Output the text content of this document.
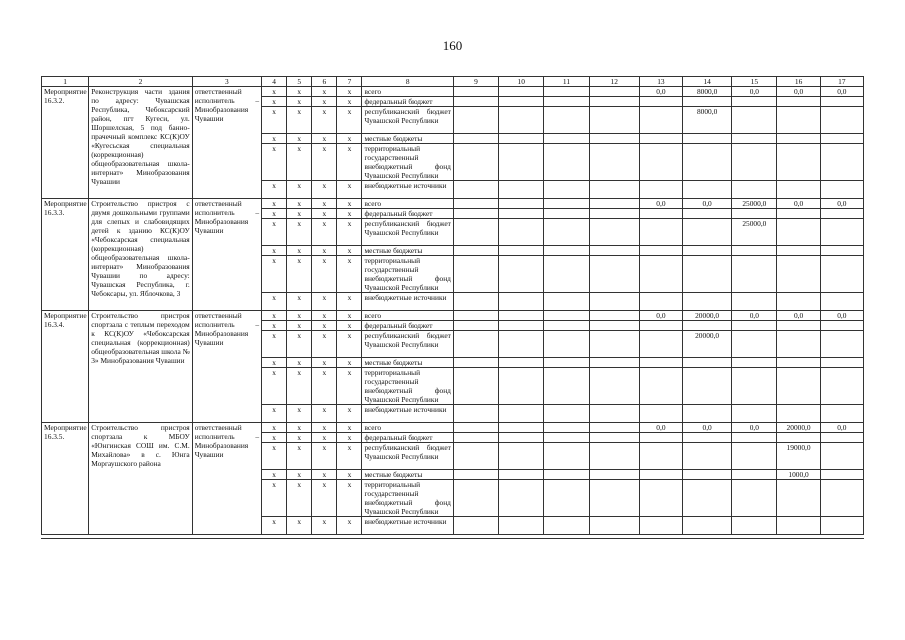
160
1	2	3	4	5	6	7	8	9	10	11	12	13	14	15	16	17
Мероприятие 16.3.2.	Реконструкция части здания по адресу: Чувашская Республика, Чебоксарский район, пгт Кугеси, ул. Шоршелская, 5 под банно-прачечный комплекс КС(К)ОУ «Кугесьская специальная (коррекционная) общеобразовательная школа-интернат» Минобразования Чувашии	ответственный исполнитель – Минобразования Чувашии	х	х	х	х	всего					0,0	8000,0	0,0	0,0	0,0
			х	х	х	х	федеральный бюджет									
			х	х	х	х	республиканский бюджет Чувашской Республики						8000,0			
			х	х	х	х	местные бюджеты									
			х	х	х	х	территориальный государственный внебюджетный фонд Чувашской Республики									
			х	х	х	х	внебюджетные источники									
Мероприятие 16.3.3.	Строительство пристроя с двумя дошкольными группами для слепых и слабовидящих детей к зданию КС(К)ОУ «Чебоксарская специальная (коррекционная) общеобразовательная школа-интернат» Минобразования Чувашии по адресу: Чувашская Республика, г. Чебоксары, ул. Яблочкова, 3	ответственный исполнитель – Минобразования Чувашии	х	х	х	х	всего					0,0	0,0	25000,0	0,0	0,0
			х	х	х	х	федеральный бюджет									
			х	х	х	х	республиканский бюджет Чувашской Республики							25000,0		
			х	х	х	х	местные бюджеты									
			х	х	х	х	территориальный государственный внебюджетный фонд Чувашской Республики									
			х	х	х	х	внебюджетные источники									
Мероприятие 16.3.4.	Строительство пристроя спортзала с теплым переходом к КС(К)ОУ «Чебоксарская специальная (коррекционная) общеобразовательная школа № 3» Минобразования Чувашии	ответственный исполнитель – Минобразования Чувашии	х	х	х	х	всего					0,0	20000,0	0,0	0,0	0,0
			х	х	х	х	федеральный бюджет									
			х	х	х	х	республиканский бюджет Чувашской Республики						20000,0			
			х	х	х	х	местные бюджеты									
			х	х	х	х	территориальный государственный внебюджетный фонд Чувашской Республики									
			х	х	х	х	внебюджетные источники									
Мероприятие 16.3.5.	Строительство пристроя спортзала к МБОУ «Юнгинская СОШ им. С.М. Михайлова» в с. Юнга Моргаушского района	ответственный исполнитель – Минобразования Чувашии	х	х	х	х	всего					0,0	0,0	0,0	20000,0	0,0
			х	х	х	х	федеральный бюджет									
			х	х	х	х	республиканский бюджет Чувашской Республики								19000,0	
			х	х	х	х	местные бюджеты								1000,0	
			х	х	х	х	территориальный государственный внебюджетный фонд Чувашской Республики									
			х	х	х	х	внебюджетные источники									
